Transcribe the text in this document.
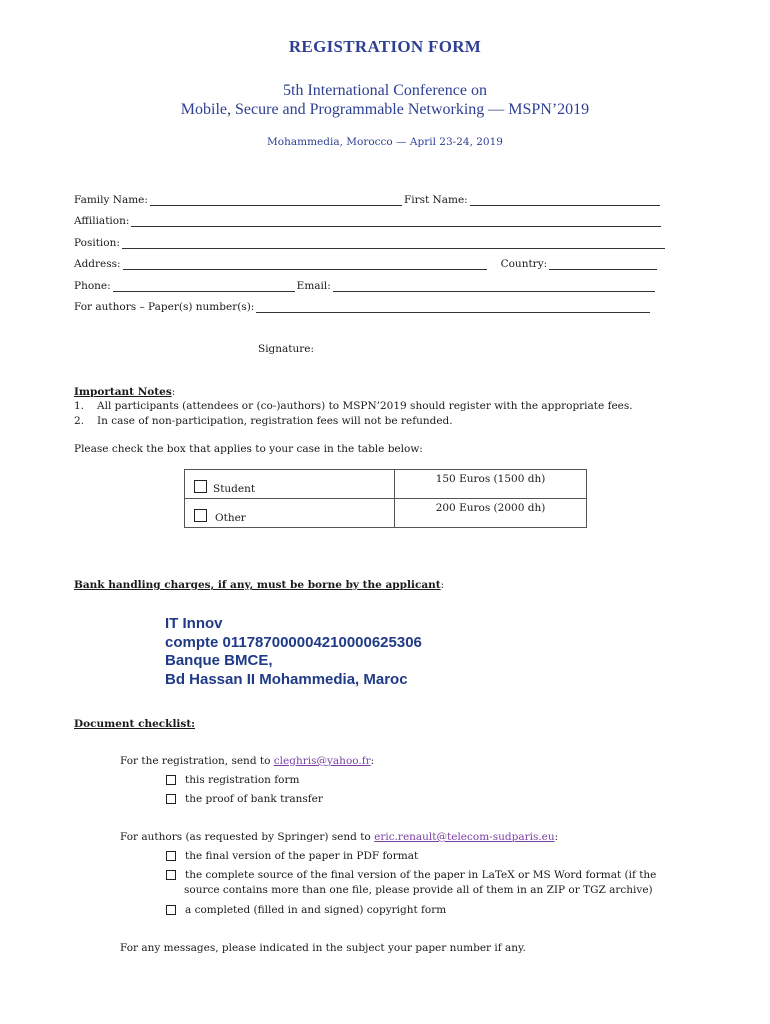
REGISTRATION FORM
5th International Conference on
Mobile, Secure and Programmable Networking — MSPN’2019
Mohammedia, Morocco — April 23-24, 2019
Family Name:	First Name:
Affiliation:
Position:
Address:	Country:
Phone:	Email:
For authors – Paper(s) number(s):
Signature:
Important Notes:
1. All participants (attendees or (co-)authors) to MSPN’2019 should register with the appropriate fees.
2. In case of non-participation, registration fees will not be refunded.
Please check the box that applies to your case in the table below:
Student	150 Euros (1500 dh)

Other	200 Euros (2000 dh)
Bank handling charges, if any, must be borne by the applicant:
IT Innov
compte 011787000004210000625306
Banque BMCE,
Bd Hassan II Mohammedia, Maroc
Document checklist:
For the registration, send to cleghris@yahoo.fr:
this registration form
the proof of bank transfer
For authors (as requested by Springer) send to eric.renault@telecom-sudparis.eu:
the final version of the paper in PDF format
the complete source of the final version of the paper in LaTeX or MS Word format (if the
source contains more than one file, please provide all of them in an ZIP or TGZ archive)
a completed (filled in and signed) copyright form
For any messages, please indicated in the subject your paper number if any.
